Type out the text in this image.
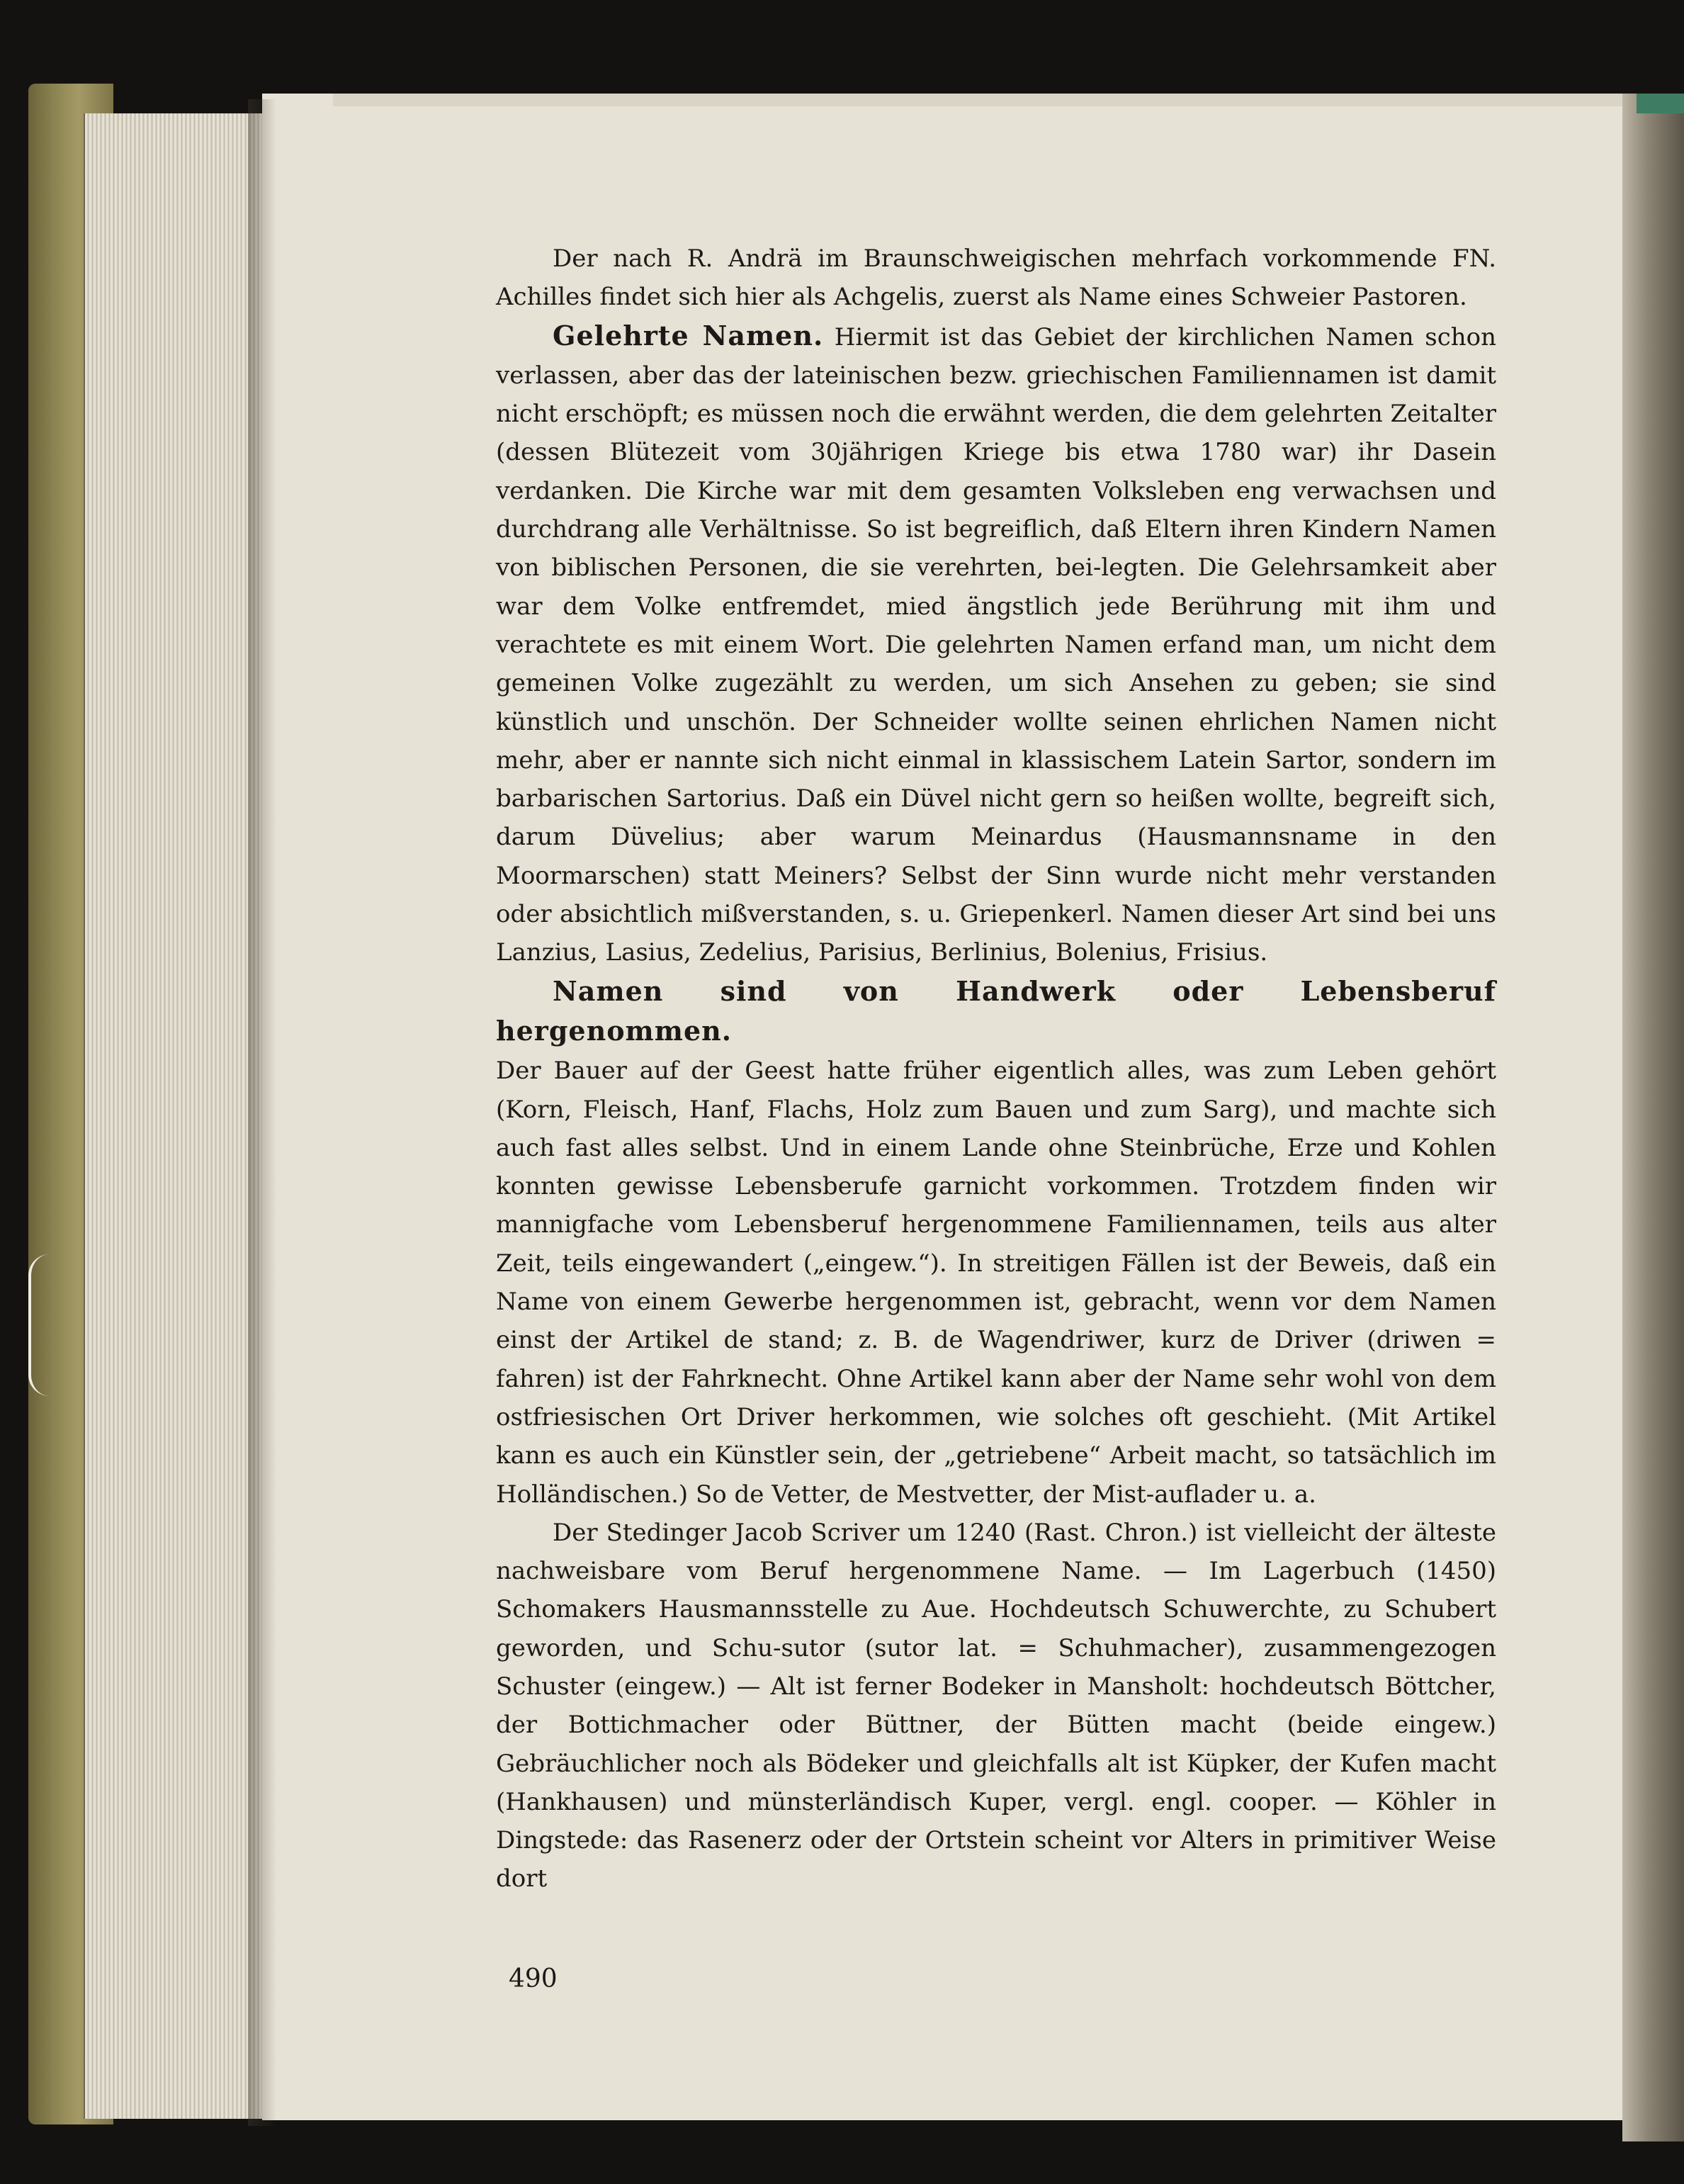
Der nach R. Andrä im Braunschweigischen mehrfach vorkommende FN. Achilles findet sich hier als Achgelis, zuerst als Name eines Schweier Pastoren.

Gelehrte Namen. Hiermit ist das Gebiet der kirchlichen Namen schon verlassen, aber das der lateinischen bezw. griechischen Familiennamen ist damit nicht erschöpft; es müssen noch die erwähnt werden, die dem gelehrten Zeitalter (dessen Blütezeit vom 30jährigen Kriege bis etwa 1780 war) ihr Dasein verdanken. Die Kirche war mit dem gesamten Volksleben eng verwachsen und durchdrang alle Verhältnisse. So ist begreiflich, daß Eltern ihren Kindern Namen von biblischen Personen, die sie verehrten, bei-legten. Die Gelehrsamkeit aber war dem Volke entfremdet, mied ängstlich jede Berührung mit ihm und verachtete es mit einem Wort. Die gelehrten Namen erfand man, um nicht dem gemeinen Volke zugezählt zu werden, um sich Ansehen zu geben; sie sind künstlich und unschön. Der Schneider wollte seinen ehrlichen Namen nicht mehr, aber er nannte sich nicht einmal in klassischem Latein Sartor, sondern im barbarischen Sartorius. Daß ein Düvel nicht gern so heißen wollte, begreift sich, darum Düvelius; aber warum Meinardus (Hausmannsname in den Moormarschen) statt Meiners? Selbst der Sinn wurde nicht mehr verstanden oder absichtlich mißverstanden, s. u. Griepenkerl. Namen dieser Art sind bei uns Lanzius, Lasius, Zedelius, Parisius, Berlinius, Bolenius, Frisius.

Namen sind von Handwerk oder Lebensberuf hergenommen.
Der Bauer auf der Geest hatte früher eigentlich alles, was zum Leben gehört (Korn, Fleisch, Hanf, Flachs, Holz zum Bauen und zum Sarg), und machte sich auch fast alles selbst. Und in einem Lande ohne Steinbrüche, Erze und Kohlen konnten gewisse Lebensberufe garnicht vorkommen. Trotzdem finden wir mannigfache vom Lebensberuf hergenommene Familiennamen, teils aus alter Zeit, teils eingewandert („eingew.“). In streitigen Fällen ist der Beweis, daß ein Name von einem Gewerbe hergenommen ist, gebracht, wenn vor dem Namen einst der Artikel de stand; z. B. de Wagendriwer, kurz de Driver (driwen = fahren) ist der Fahrknecht. Ohne Artikel kann aber der Name sehr wohl von dem ostfriesischen Ort Driver herkommen, wie solches oft geschieht. (Mit Artikel kann es auch ein Künstler sein, der „getriebene“ Arbeit macht, so tatsächlich im Holländischen.) So de Vetter, de Mestvetter, der Mist-auflader u. a.

Der Stedinger Jacob Scriver um 1240 (Rast. Chron.) ist vielleicht der älteste nachweisbare vom Beruf hergenommene Name. — Im Lagerbuch (1450) Schomakers Hausmannsstelle zu Aue. Hochdeutsch Schuwerchte, zu Schubert geworden, und Schu-sutor (sutor lat. = Schuhmacher), zusammengezogen Schuster (eingew.) — Alt ist ferner Bodeker in Mansholt: hochdeutsch Böttcher, der Bottichmacher oder Büttner, der Bütten macht (beide eingew.) Gebräuchlicher noch als Bödeker und gleichfalls alt ist Küpker, der Kufen macht (Hankhausen) und münsterländisch Kuper, vergl. engl. cooper. — Köhler in Dingstede: das Rasenerz oder der Ortstein scheint vor Alters in primitiver Weise dort

490
